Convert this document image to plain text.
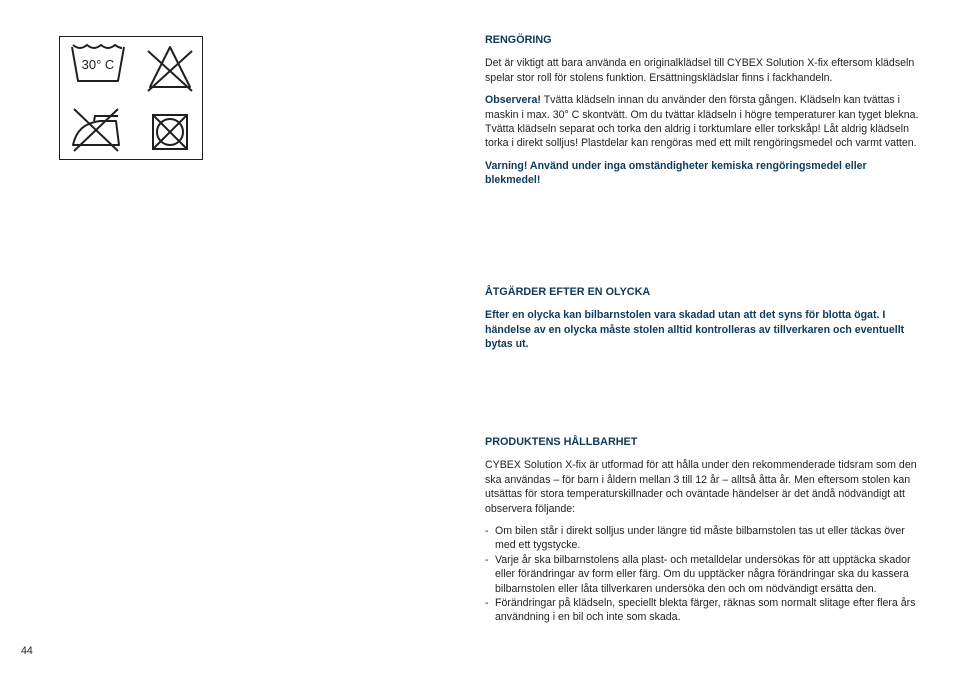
30° C

RENGÖRING

Det är viktigt att bara använda en originalklädsel till CYBEX Solution X-fix eftersom klädseln spelar stor roll för stolens funktion. Ersättningsklädslar finns i fackhandeln.

Observera! Tvätta klädseln innan du använder den första gången. Klädseln kan tvättas i maskin i max. 30° C skontvätt. Om du tvättar klädseln i högre temperaturer kan tyget blekna. Tvätta klädseln separat och torka den aldrig i torktumlare eller torkskåp! Låt aldrig klädseln torka i direkt solljus! Plastdelar kan rengöras med ett milt rengöringsmedel och varmt vatten.

Varning! Använd under inga omständigheter kemiska rengöringsmedel eller blekmedel!

ÅTGÄRDER EFTER EN OLYCKA

Efter en olycka kan bilbarnstolen vara skadad utan att det syns för blotta ögat. I händelse av en olycka måste stolen alltid kontrolleras av tillverkaren och eventuellt bytas ut.

PRODUKTENS HÅLLBARHET

CYBEX Solution X-fix är utformad för att hålla under den rekommenderade tidsram som den ska användas – för barn i åldern mellan 3 till 12 år – alltså åtta år. Men eftersom stolen kan utsättas för stora temperaturskillnader och oväntade händelser är det ändå nödvändigt att observera följande:

- Om bilen står i direkt solljus under längre tid måste bilbarnstolen tas ut eller täckas över med ett tygstycke.
- Varje år ska bilbarnstolens alla plast- och metalldelar undersökas för att upptäcka skador eller förändringar av form eller färg. Om du upptäcker några förändringar ska du kassera bilbarnstolen eller låta tillverkaren undersöka den och om nödvändigt ersätta den.
- Förändringar på klädseln, speciellt blekta färger, räknas som normalt slitage efter flera års användning i en bil och inte som skada.
44
